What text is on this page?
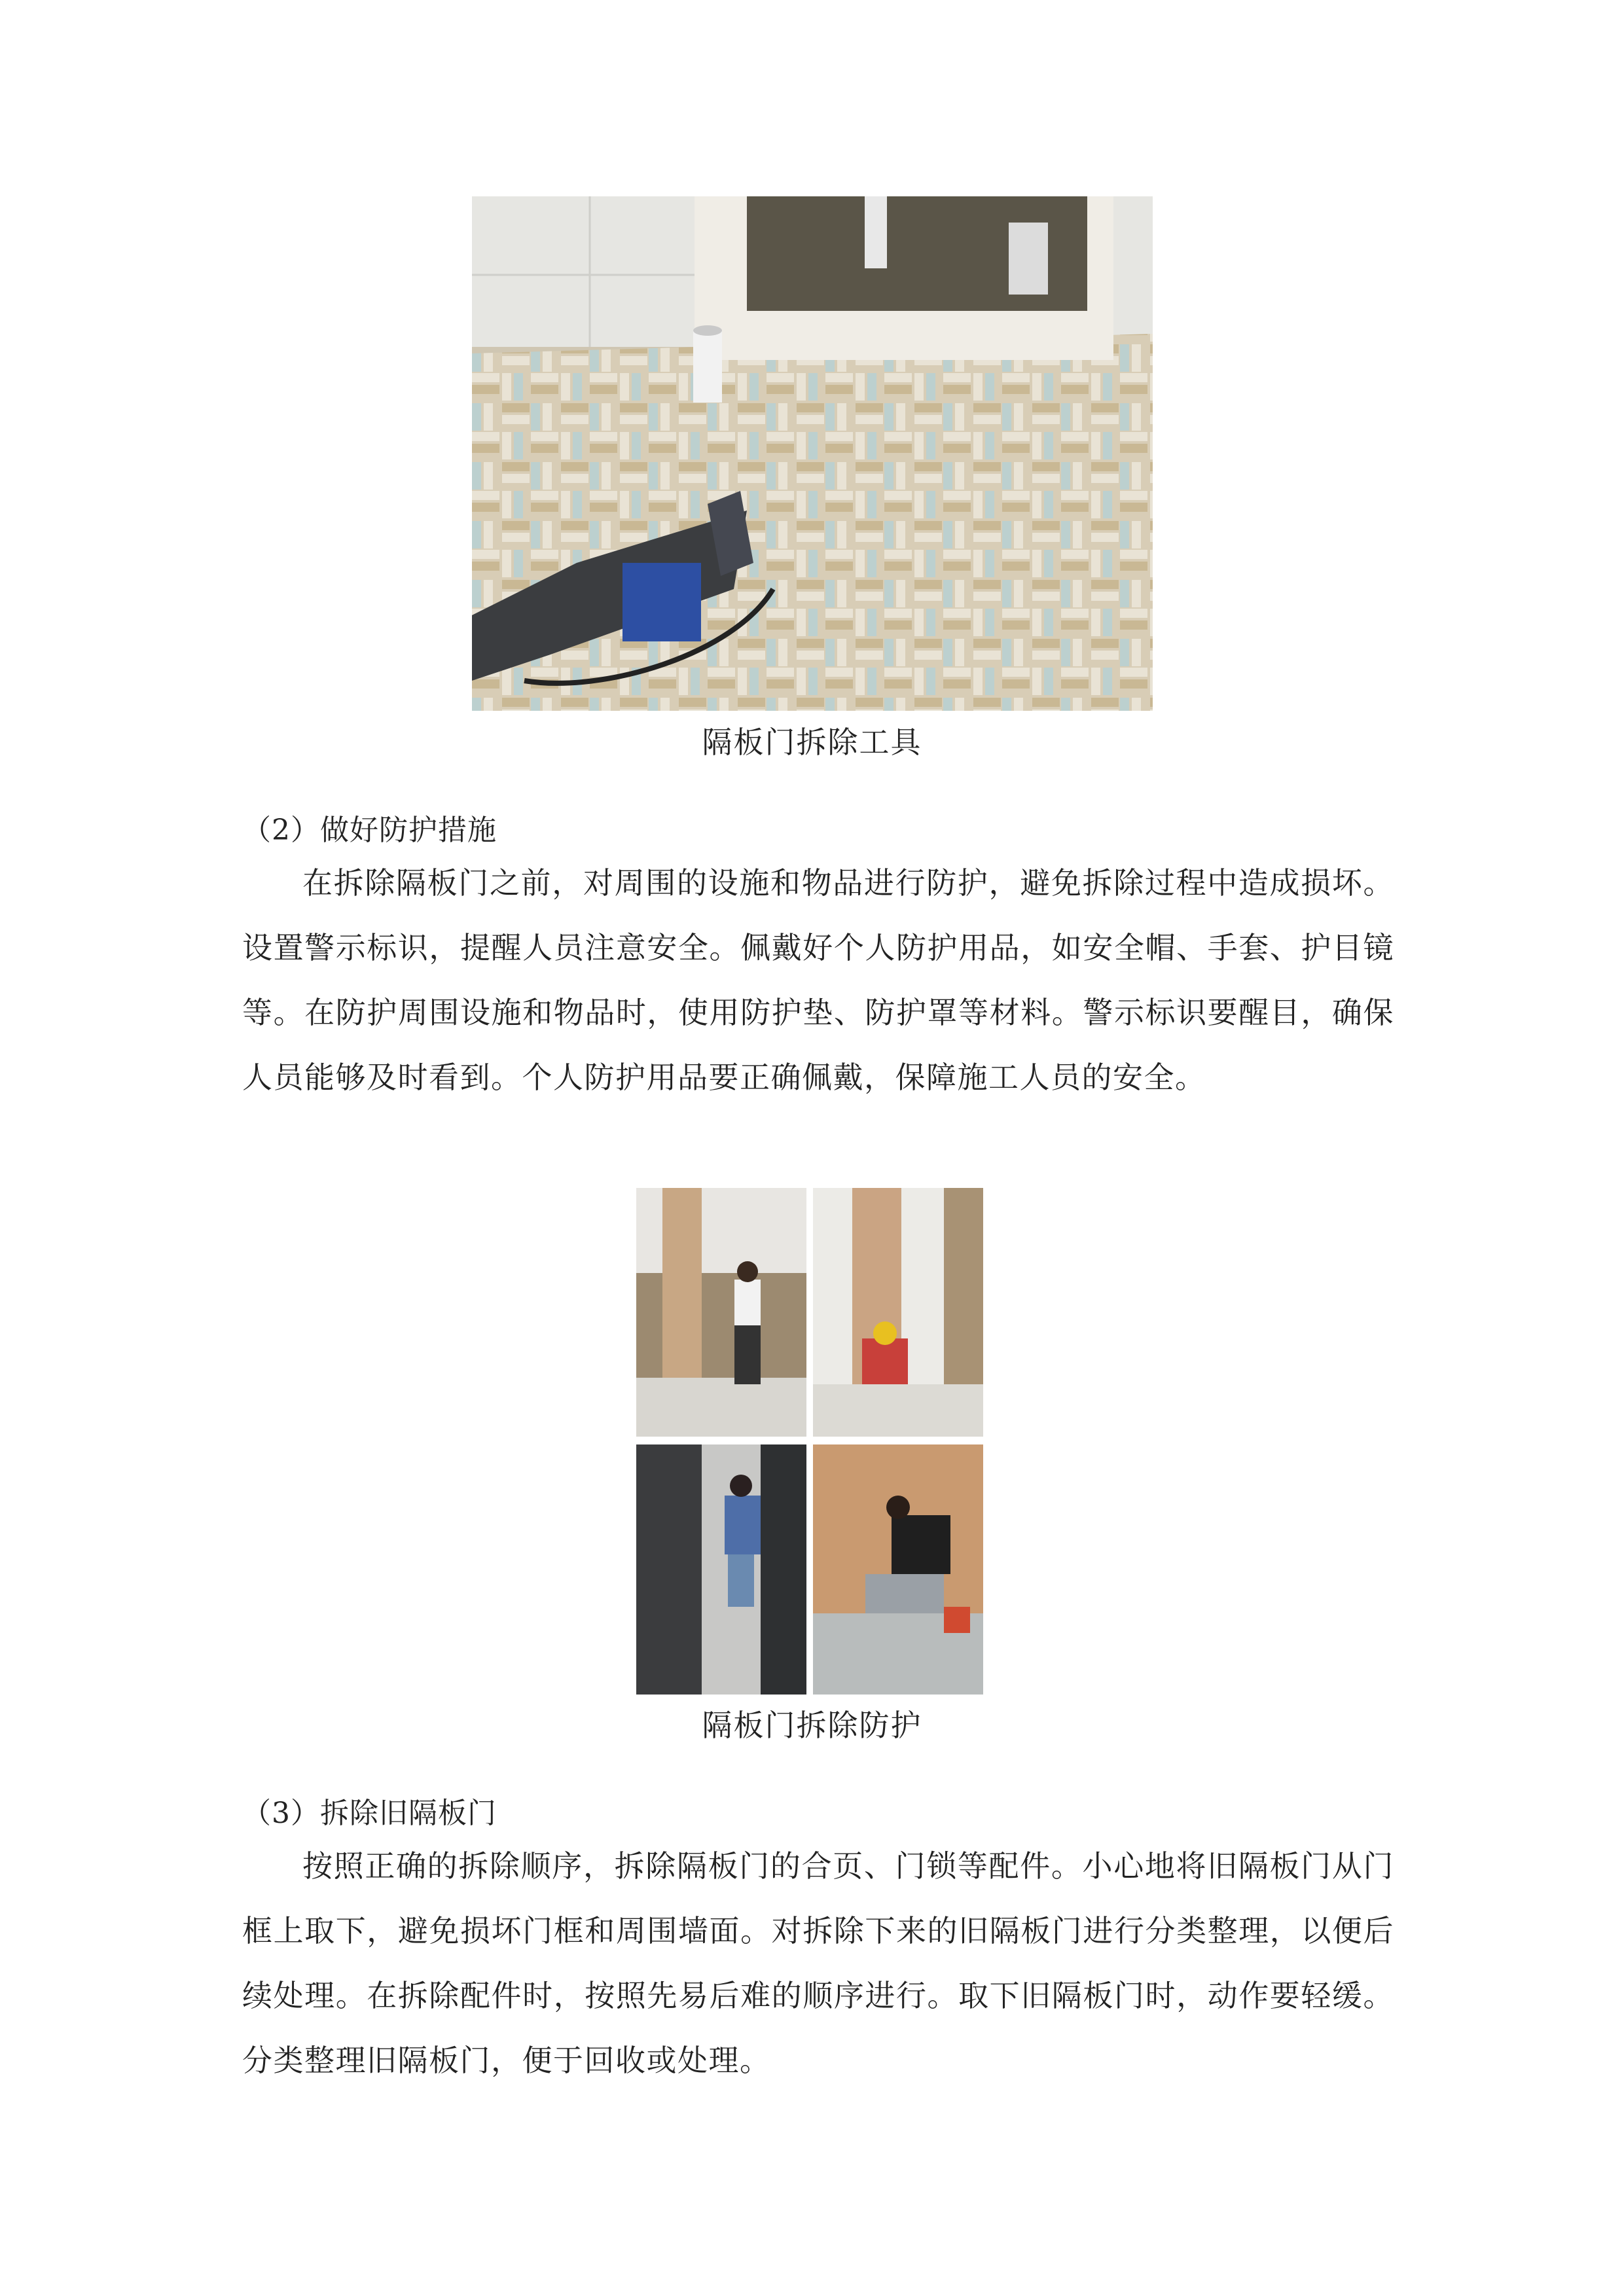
隔板门拆除工具
（2）做好防护措施

在拆除隔板门之前，对周围的设施和物品进行防护，避免拆除过程中造成损坏。设置警示标识，提醒人员注意安全。佩戴好个人防护用品，如安全帽、手套、护目镜等。在防护周围设施和物品时，使用防护垫、防护罩等材料。警示标识要醒目，确保人员能够及时看到。个人防护用品要正确佩戴，保障施工人员的安全。

隔板门拆除防护
（3）拆除旧隔板门

按照正确的拆除顺序，拆除隔板门的合页、门锁等配件。小心地将旧隔板门从门框上取下，避免损坏门框和周围墙面。对拆除下来的旧隔板门进行分类整理，以便后续处理。在拆除配件时，按照先易后难的顺序进行。取下旧隔板门时，动作要轻缓。分类整理旧隔板门，便于回收或处理。
